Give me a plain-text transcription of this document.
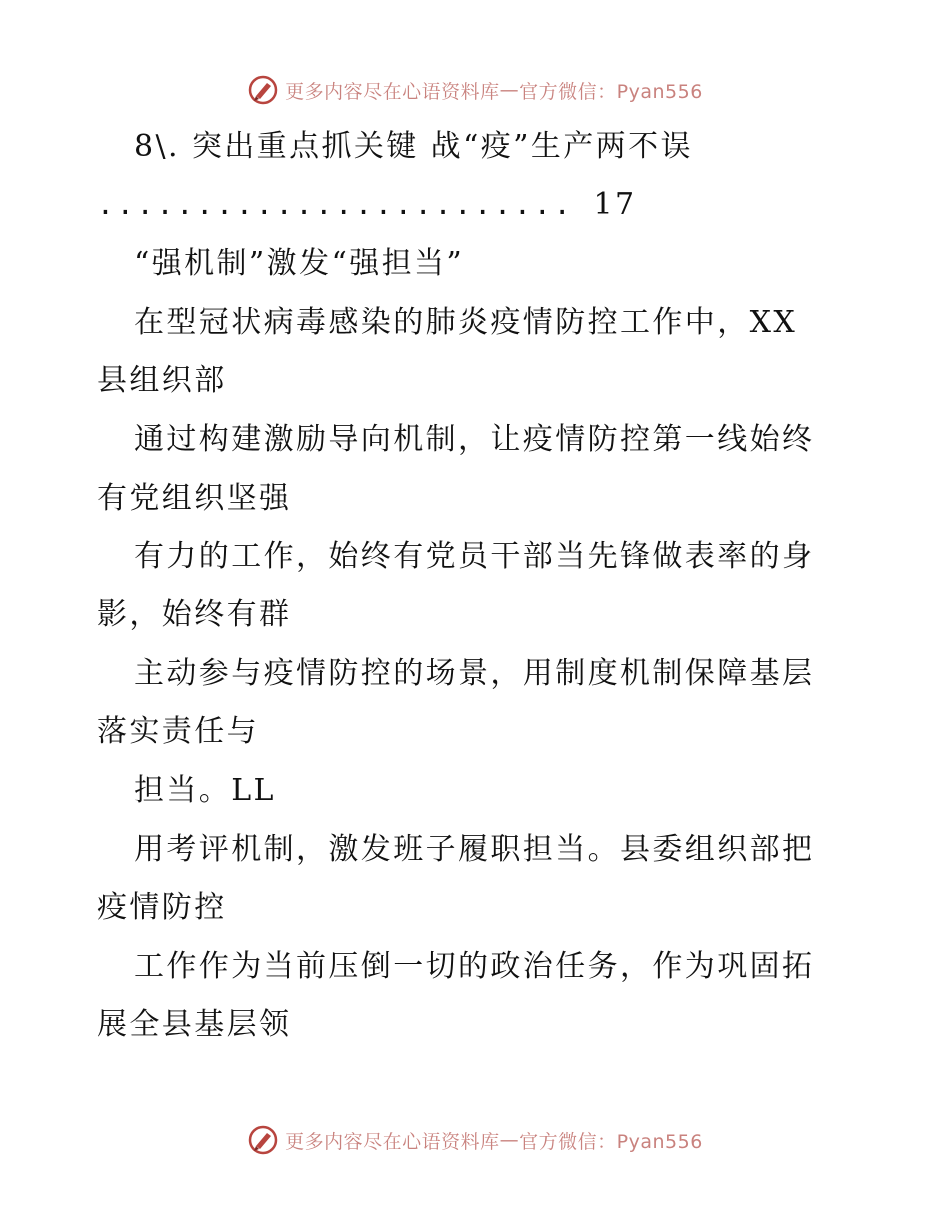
更多内容尽在心语资料库 — 官方微信：Pyan556
8\. 突出重点抓关键 战“疫”生产两不误
........................ 17
“强机制”激发“强担当”
在型冠状病毒感染的肺炎疫情防控工作中，XX
县组织部
通过构建激励导向机制，让疫情防控第一线始终
有党组织坚强
有力的工作，始终有党员干部当先锋做表率的身
影，始终有群
主动参与疫情防控的场景，用制度机制保障基层
落实责任与
担当。LL
用考评机制，激发班子履职担当。县委组织部把
疫情防控
工作作为当前压倒一切的政治任务，作为巩固拓
展全县基层领
更多内容尽在心语资料库 — 官方微信：Pyan556
